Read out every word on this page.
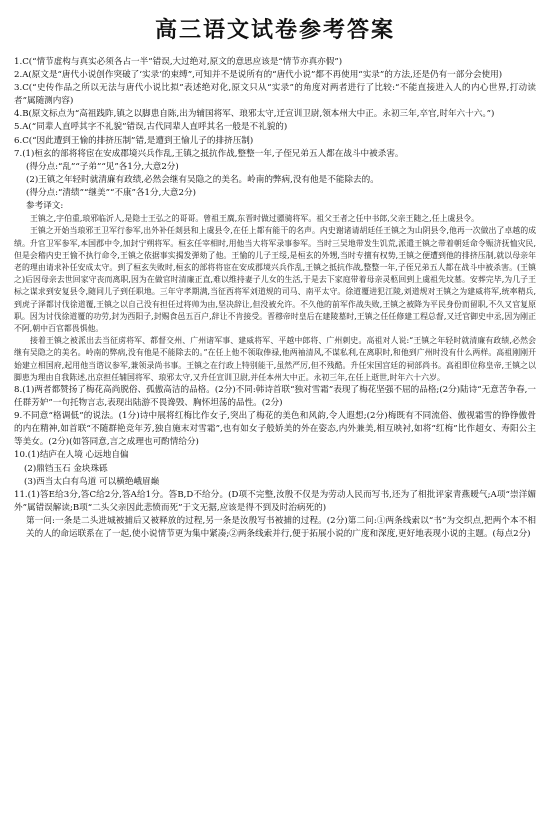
高三语文试卷参考答案

1.C(“情节虚构与真实必须各占一半”错误,大过绝对,原文的意思应该是“情节亦真亦假”)

2.A(原文是“唐代小说创作突破了‘实录’的束缚”,可知并不是说所有的“唐代小说”都不再使用“实录”的方法,还是仍有一部分会使用)

3.C(“史传作品之所以无法与唐代小说比拟”表述绝对化,原文只从“实录”的角度对两者进行了比较:“不能直接进入人的内心世界,打动读者”属随测内容)

4.B(原文标点为“高祖践阼,镇之以脚患自陈,出为辅国将军、琅邪太守,迁宣训卫尉,领本州大中正。永初三年,卒官,时年六十六。”)

5.A(“同辈人直呼其字不礼貌”错误,古代同辈人直呼其名一般是不礼貌的)

6.C(“因此遭到王愉的排挤压制”错,是遭到王愉儿子的排挤压制)

7.(1)桓玄的部将将宦在安成郡境兴兵作乱,王镇之抵抗作战,整整一年,子侄兄弟五人都在战斗中被杀害。

(得分点:“乱”“子弟”“见”各1分,大意2分)

(2)王镇之年轻时就清廉有政绩,必然会继有吴隐之的美名。岭南的弊病,没有他是不能除去的。

(得分点:“清绩”“继美”“不康”各1分,大意2分)

参考译文:

王镇之,字伯重,琅邪临沂人,是隐士王弘之的哥哥。曾祖王廙,东晋时做过骠骑将军。祖父王者之任中书郎,父亲王随之,任上虞县令。

王镇之开始当琅邪王卫军行参军,出外补任剡县和上虞县令,在任上都有能干的名声。内史谢诸请胡廷任王镇之为山阴县令,他再一次做出了卓越的成绩。升官卫军参军,本国郡中令,加封宁朔将军。桓玄任宰相时,用他当大将军录事参军。当时三吴地带发生饥荒,派遣王镇之带着朝廷命令赈济抚恤灾民,但是会稽内史王愉不执行命令,王镇之依据事实揭发弹劾了他。王愉的儿子王绥,是桓玄的外甥,当时专擅有权势,王镇之便遭到他的排挤压制,就以母亲年老的理由请求补任安成太守。到了桓玄失败时,桓玄的部将将宦在安成郡境兴兵作乱,王镇之抵抗作战,整整一年,子侄兄弟五人都在战斗中被杀害。(王镇之)后因母亲去世回家守丧而离职,因为在做官时清廉正直,难以维持妻子儿女的生活,于是去下家庭带着母亲灵柩回到上虞祖先坟墓。安葬完毕,为几子王标之谋求到安复县令,随同儿子到任职地。三年守孝期满,当征西将军刘道规的司马、南平太守。徐道覆进犯江陵,刘道规对王镇之为建威将军,统率精兵,到虎子泽都讨伐徐道覆,王镇之以自己没有担任过将帅为由,坚决辞让,但没被允许。不久他的前军作战失败,王镇之被降为平民身份而留职,不久又官复原职。因为讨伐徐道覆的功劳,封为西阳子,封赐食邑五百户,辞让不肯接受。晋穆帝时皇后在建陵墓时,王镇之任任修建工程总督,又迁官御史中丞,因为刚正不阿,朝中百官都畏惧他。

接着王镇之被派出去当征虏将军、都督交州、广州诸军事、建威将军、平越中郎将、广州刺史。高祖对人说:“王镇之年轻时就清廉有政绩,必然会继有吴隐之的美名。岭南的弊病,没有他是不能除去的。”在任上他不领取俸禄,他两袖清风,不谋私利,在离职时,和他到广州时没有什么两样。高祖刚刚开始建立相国府,起用他当谘议参军,兼领录尚书事。王镇之在行政上特别能干,虽然严厉,但不残酷。升任宋国宫廷的祠部尚书。高祖即位称皇帝,王镇之以脚患为理由自我陈述,出京担任辅国将军、琅邪太守,又升任宣训卫尉,并任本州大中正。永初三年,在任上逝世,时年六十六岁。

8.(1)两者都赞扬了梅花高尚脱俗、孤傲高洁的品格。(2分)不同:韩诗首联“独对雪霜”表现了梅花坚强不屈的品格;(2分)陆诗“无意苦争春,一任群芳妒”一句托物言志,表现出陆游不畏谗毁、胸怀坦荡的品性。(2分)

9.不同意“格调低”的说法。(1分)诗中展将红梅比作女子,突出了梅花的美色和风韵,令人遐想;(2分)梅既有不同流俗、傲视霜雪的铮铮傲骨的内在精神,如首联“不随群艳竞年芳,独自施末对雪霜”,也有如女子般娇美的外在姿态,内外兼美,相互映衬,如将“红梅”比作超女、寿阳公主等美女。(2分)(如答同意,言之成理也可酌情给分)

10.(1)结庐在人境 心远地自偏

(2)鼎铛玉石 金块珠砾

(3)西当太白有鸟道 可以横绝峨眉巅

11.(1)答E给3分,答C给2分,答A给1分。答B,D不给分。(D项不完整,汝殷不仅是为劳动人民而写书,还为了相批评家青燕暧气;A项“崇洋媚外”属错误解读;B项“二头父亲因此悲愤而死”于文无据,应该是得不到及时治病死的)

第一问:一条是二头进城被捕后又被释放的过程,另一条是汝殷写书被捕的过程。(2分)第二问:①两条线索以“书”为交织点,把两个本不相关的人的命运联系在了一起,使小说情节更为集中紧凑;②两条线索并行,便于拓展小说的广度和深度,更好地表现小说的主题。(每点2分)
